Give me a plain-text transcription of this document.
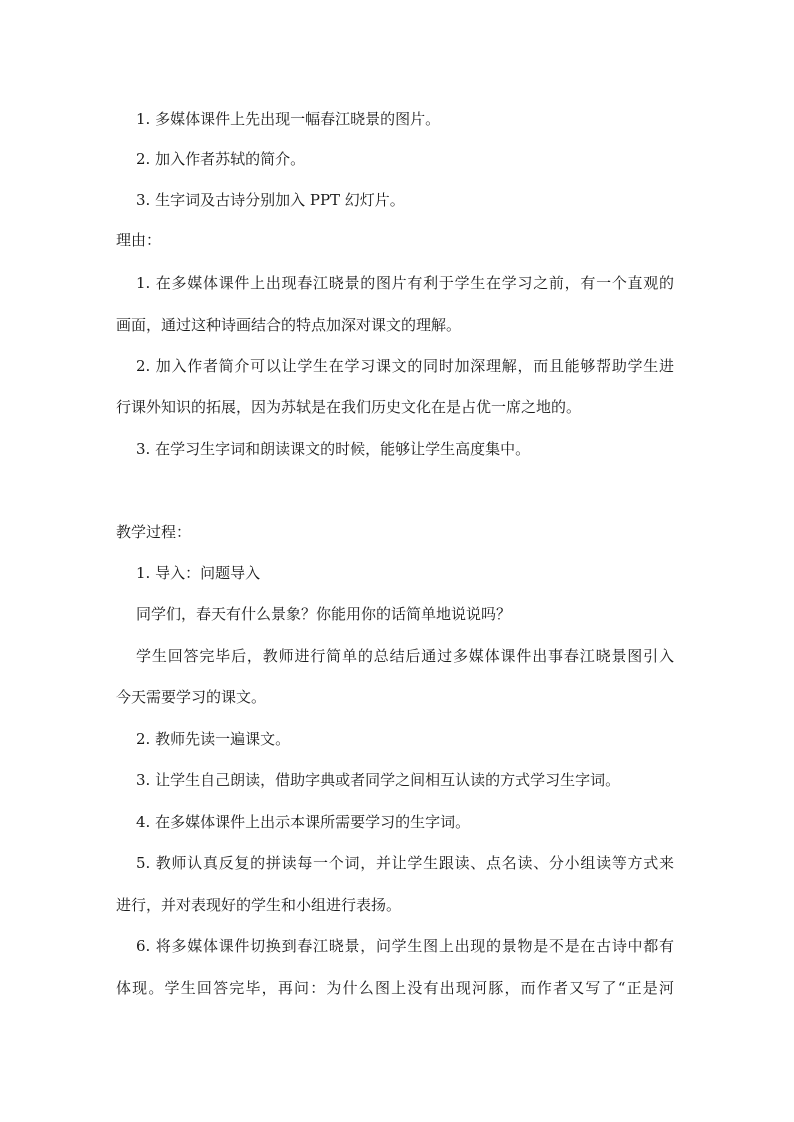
1. 多媒体课件上先出现一幅春江晓景的图片。
2. 加入作者苏轼的简介。
3. 生字词及古诗分别加入 PPT 幻灯片。
理由：
1. 在多媒体课件上出现春江晓景的图片有利于学生在学习之前，有一个直观的
画面，通过这种诗画结合的特点加深对课文的理解。
2. 加入作者简介可以让学生在学习课文的同时加深理解，而且能够帮助学生进
行课外知识的拓展，因为苏轼是在我们历史文化在是占优一席之地的。
3. 在学习生字词和朗读课文的时候，能够让学生高度集中。
教学过程：
1. 导入：问题导入
同学们，春天有什么景象？你能用你的话简单地说说吗？
学生回答完毕后，教师进行简单的总结后通过多媒体课件出事春江晓景图引入
今天需要学习的课文。
2. 教师先读一遍课文。
3. 让学生自己朗读，借助字典或者同学之间相互认读的方式学习生字词。
4. 在多媒体课件上出示本课所需要学习的生字词。
5. 教师认真反复的拼读每一个词，并让学生跟读、点名读、分小组读等方式来
进行，并对表现好的学生和小组进行表扬。
6. 将多媒体课件切换到春江晓景，问学生图上出现的景物是不是在古诗中都有
体现。学生回答完毕，再问：为什么图上没有出现河豚，而作者又写了“正是河
